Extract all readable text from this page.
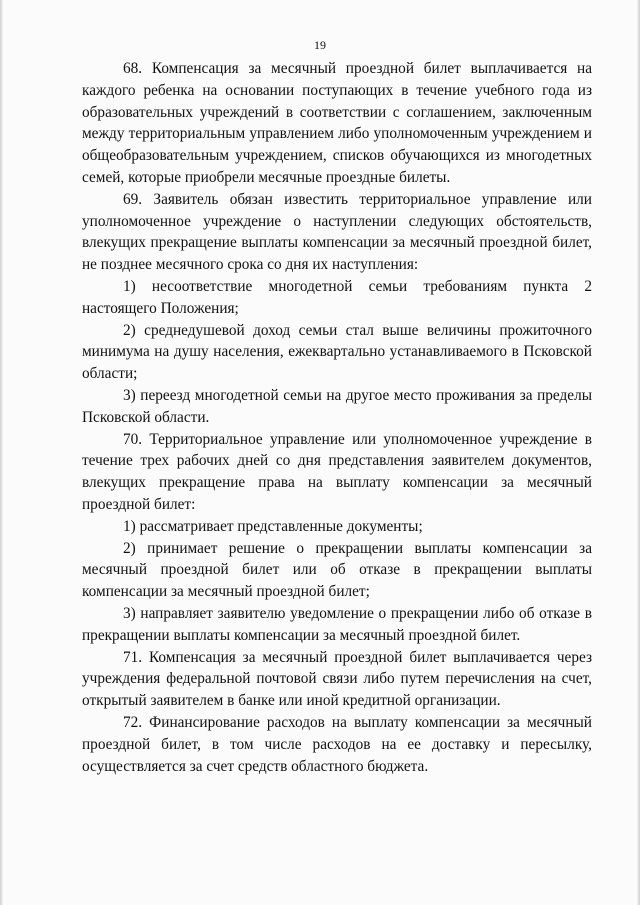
19

68. Компенсация за месячный проездной билет выплачивается на каждого ребенка на основании поступающих в течение учебного года из образовательных учреждений в соответствии с соглашением, заключенным между территориальным управлением либо уполномоченным учреждением и общеобразовательным учреждением, списков обучающихся из многодетных семей, которые приобрели месячные проездные билеты.

69. Заявитель обязан известить территориальное управление или уполномоченное учреждение о наступлении следующих обстоятельств, влекущих прекращение выплаты компенсации за месячный проездной билет, не позднее месячного срока со дня их наступления:

1) несоответствие многодетной семьи требованиям пункта 2 настоящего Положения;

2) среднедушевой доход семьи стал выше величины прожиточного минимума на душу населения, ежеквартально устанавливаемого в Псковской области;

3) переезд многодетной семьи на другое место проживания за пределы Псковской области.

70. Территориальное управление или уполномоченное учреждение в течение трех рабочих дней со дня представления заявителем документов, влекущих прекращение права на выплату компенсации за месячный проездной билет:

1) рассматривает представленные документы;

2) принимает решение о прекращении выплаты компенсации за месячный проездной билет или об отказе в прекращении выплаты компенсации за месячный проездной билет;

3) направляет заявителю уведомление о прекращении либо об отказе в прекращении выплаты компенсации за месячный проездной билет.

71. Компенсация за месячный проездной билет выплачивается через учреждения федеральной почтовой связи либо путем перечисления на счет, открытый заявителем в банке или иной кредитной организации.

72. Финансирование расходов на выплату компенсации за месячный проездной билет, в том числе расходов на ее доставку и пересылку, осуществляется за счет средств областного бюджета.
